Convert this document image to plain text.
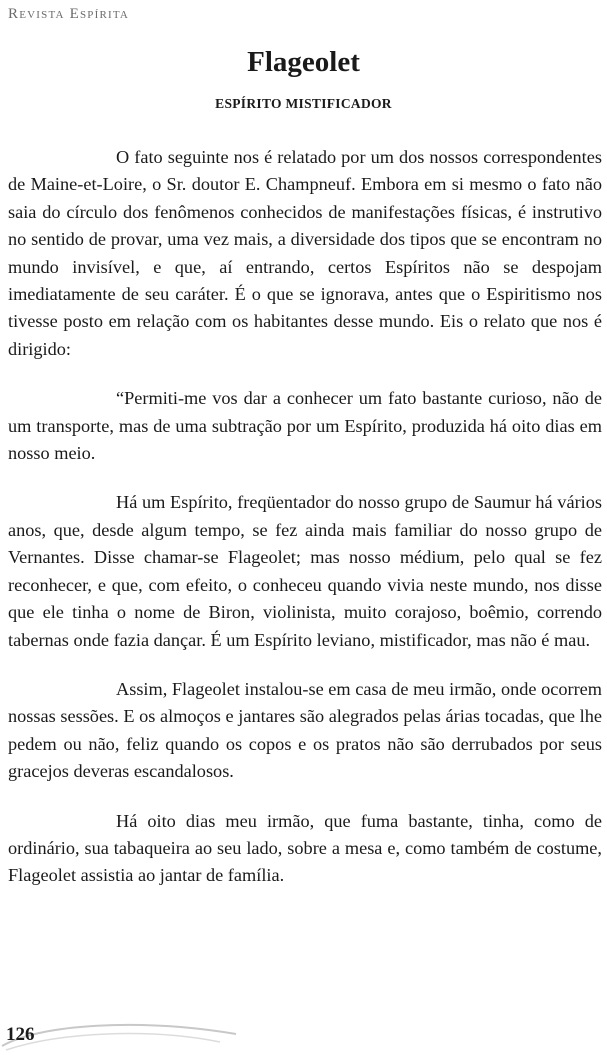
Revista Espírita
Flageolet
ESPÍRITO MISTIFICADOR

O fato seguinte nos é relatado por um dos nossos correspondentes de Maine-et-Loire, o Sr. doutor E. Champneuf. Embora em si mesmo o fato não saia do círculo dos fenômenos conhecidos de manifestações físicas, é instrutivo no sentido de provar, uma vez mais, a diversidade dos tipos que se encontram no mundo invisível, e que, aí entrando, certos Espíritos não se despojam imediatamente de seu caráter. É o que se ignorava, antes que o Espiritismo nos tivesse posto em relação com os habitantes desse mundo. Eis o relato que nos é dirigido:

“Permiti-me vos dar a conhecer um fato bastante curioso, não de um transporte, mas de uma subtração por um Espírito, produzida há oito dias em nosso meio.

Há um Espírito, freqüentador do nosso grupo de Saumur há vários anos, que, desde algum tempo, se fez ainda mais familiar do nosso grupo de Vernantes. Disse chamar-se Flageolet; mas nosso médium, pelo qual se fez reconhecer, e que, com efeito, o conheceu quando vivia neste mundo, nos disse que ele tinha o nome de Biron, violinista, muito corajoso, boêmio, correndo tabernas onde fazia dançar. É um Espírito leviano, mistificador, mas não é mau.

Assim, Flageolet instalou-se em casa de meu irmão, onde ocorrem nossas sessões. E os almoços e jantares são alegrados pelas árias tocadas, que lhe pedem ou não, feliz quando os copos e os pratos não são derrubados por seus gracejos deveras escandalosos.

Há oito dias meu irmão, que fuma bastante, tinha, como de ordinário, sua tabaqueira ao seu lado, sobre a mesa e, como também de costume, Flageolet assistia ao jantar de família.

126
